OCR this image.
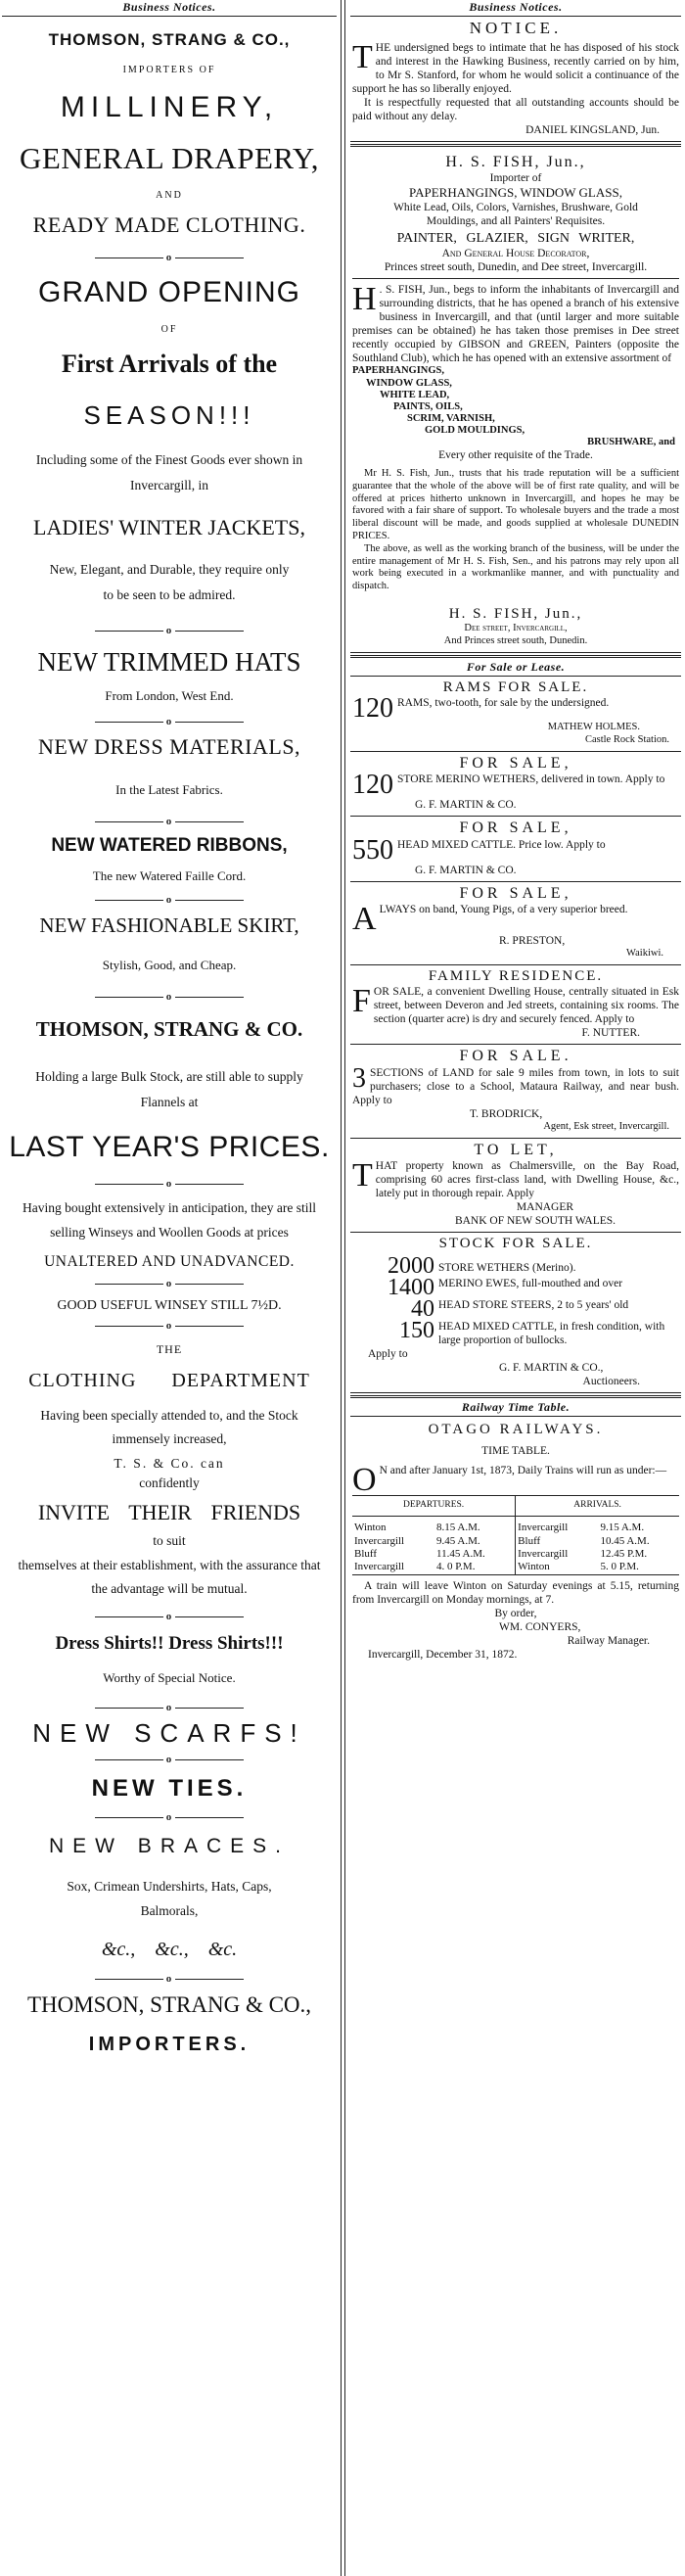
Business Notices.
THOMSON, STRANG & CO.,
IMPORTERS OF
MILLINERY,
GENERAL DRAPERY,
AND
READY MADE CLOTHING.
o
GRAND OPENING
OF
First Arrivals of the
SEASON!!!
Including some of the Finest Goods ever shown in Invercargill, in
LADIES' WINTER JACKETS,
New, Elegant, and Durable, they require only to be seen to be admired.
o
NEW TRIMMED HATS
From London, West End.
o
NEW DRESS MATERIALS,
In the Latest Fabrics.
o
NEW WATERED RIBBONS,
The new Watered Faille Cord.
o
NEW FASHIONABLE SKIRT,
Stylish, Good, and Cheap.
o
THOMSON, STRANG & CO.
Holding a large Bulk Stock, are still able to supply Flannels at
LAST YEAR'S PRICES.
o
Having bought extensively in anticipation, they are still selling Winseys and Woollen Goods at prices
UNALTERED AND UNADVANCED.
o
GOOD USEFUL WINSEY STILL 7½D.
o
THE
CLOTHING DEPARTMENT
Having been specially attended to, and the Stock immensely increased,
T. S. & Co. can
confidently
INVITE THEIR FRIENDS
to suit
themselves at their establishment, with the assurance that the advantage will be mutual.
o
Dress Shirts!! Dress Shirts!!!
Worthy of Special Notice.
o
NEW SCARFS!
o
NEW TIES.
o
NEW BRACES.
Sox, Crimean Undershirts, Hats, Caps, Balmorals,
&c.,    &c.,    &c.
o
THOMSON, STRANG & CO.,
IMPORTERS.
Business Notices.
NOTICE.
THE undersigned begs to intimate that he has disposed of his stock and interest in the Hawking Business, recently carried on by him, to Mr S. Stanford, for whom he would solicit a continuance of the support he has so liberally enjoyed.
It is respectfully requested that all outstanding accounts should be paid without any delay.
DANIEL KINGSLAND, Jun.
H. S. FISH, Jun.,
Importer of
PAPERHANGINGS, WINDOW GLASS,
White Lead, Oils, Colors, Varnishes, Brushware, Gold Mouldings, and all Painters' Requisites.
PAINTER, GLAZIER, SIGN WRITER,
And General House Decorator,
Princes street south, Dunedin, and Dee street, Invercargill.
H . S. FISH, Jun., begs to inform the inhabitants of Invercargill and surrounding districts, that he has opened a branch of his extensive business in Invercargill, and that (until larger and more suitable premises can be obtained) he has taken those premises in Dee street recently occupied by GIBSON and GREEN, Painters (opposite the Southland Club), which he has opened with an extensive assortment of
PAPERHANGINGS,
WINDOW GLASS,
WHITE LEAD,
PAINTS, OILS,
SCRIM, VARNISH,
GOLD MOULDINGS,
BRUSHWARE, and
Every other requisite of the Trade.
Mr H. S. Fish, Jun., trusts that his trade reputation will be a sufficient guarantee that the whole of the above will be of first rate quality, and will be offered at prices hitherto unknown in Invercargill, and hopes he may be favored with a fair share of support. To wholesale buyers and the trade a most liberal discount will be made, and goods supplied at wholesale DUNEDIN PRICES.
The above, as well as the working branch of the business, will be under the entire management of Mr H. S. Fish, Sen., and his patrons may rely upon all work being executed in a workmanlike manner, and with punctuality and dispatch.
H. S. FISH, Jun.,
Dee street, Invercargill,
And Princes street south, Dunedin.
For Sale or Lease.
RAMS FOR SALE.
120 RAMS, two-tooth, for sale by the undersigned.
MATHEW HOLMES.
Castle Rock Station.
FOR SALE,
120 STORE MERINO WETHERS, delivered in town. Apply to
G. F. MARTIN & CO.
FOR SALE,
550 HEAD MIXED CATTLE. Price low. Apply to
G. F. MARTIN & CO.
FOR SALE,
ALWAYS on band, Young Pigs, of a very superior breed.
R. PRESTON,
Waikiwi.
FAMILY RESIDENCE.
FOR SALE, a convenient Dwelling House, centrally situated in Esk street, between Deveron and Jed streets, containing six rooms. The section (quarter acre) is dry and securely fenced. Apply to
F. NUTTER.
FOR SALE.
3 SECTIONS of LAND for sale 9 miles from town, in lots to suit purchasers; close to a School, Mataura Railway, and near bush. Apply to
T. BRODRICK,
Agent, Esk street, Invercargill.
TO LET,
THAT property known as Chalmersville, on the Bay Road, comprising 60 acres first-class land, with Dwelling House, &c., lately put in thorough repair. Apply
MANAGER
BANK OF NEW SOUTH WALES.
STOCK FOR SALE.
2000 STORE WETHERS (Merino).
1400 MERINO EWES, full-mouthed and over
40 HEAD STORE STEERS, 2 to 5 years' old
150 HEAD MIXED CATTLE, in fresh condition, with large proportion of bullocks.
Apply to
G. F. MARTIN & CO.,
Auctioneers.
Railway Time Table.
OTAGO RAILWAYS.
TIME TABLE.
O N and after January 1st, 1873, Daily Trains will run as under:—
DEPARTURES.		ARRIVALS.	

Winton	8.15 A.M.	Invercargill	9.15 A.M.
Invercargill	9.45 A.M.	Bluff	10.45 A.M.
Bluff	11.45 A.M.	Invercargill	12.45 P.M.
Invercargill	4. 0 P.M.	Winton	5. 0 P.M.
A train will leave Winton on Saturday evenings at 5.15, returning from Invercargill on Monday mornings, at 7.
By order,
WM. CONYERS,
Railway Manager.
Invercargill, December 31, 1872.
